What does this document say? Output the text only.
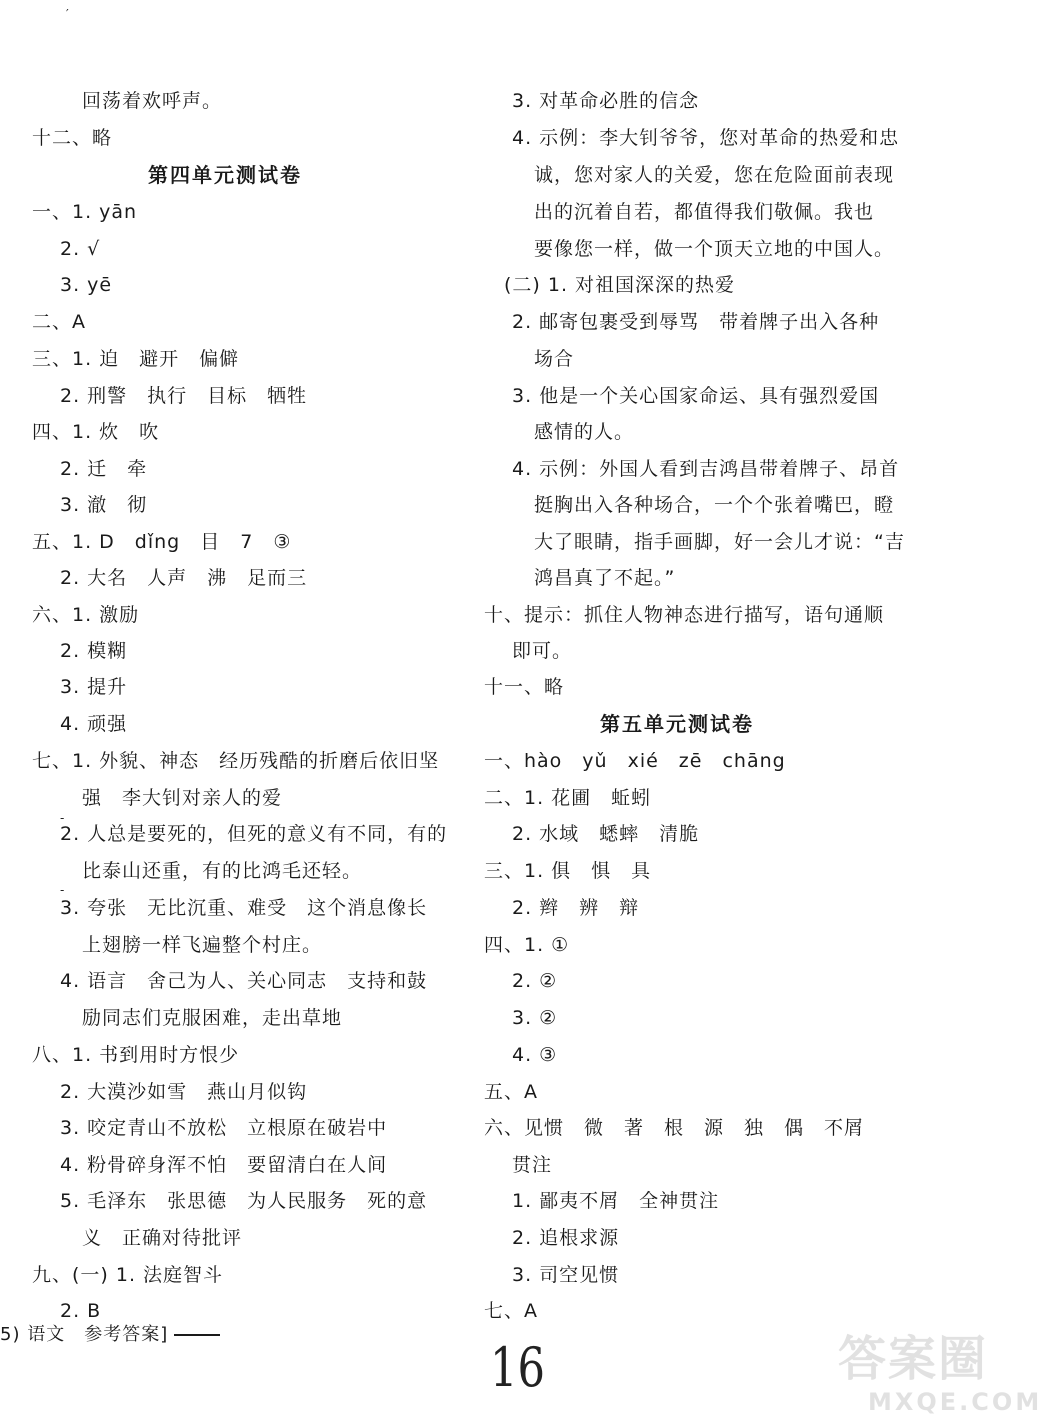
回荡着欢呼声。
十二、略
第四单元测试卷
一、1. yān
2. √
3. yē
二、A
三、1. 迫　避开　偏僻
2. 刑警　执行　目标　牺牲
四、1. 炊　吹
2. 迁　牵
3. 澈　彻
五、1. D　dǐng　目　7　③
2. 大名　人声　沸　足而三
六、1. 激励
2. 模糊
3. 提升
4. 顽强
七、1. 外貌、神态　经历残酷的折磨后依旧坚
强　李大钊对亲人的爱
2. 人总是要死的，但死的意义有不同，有的
比泰山还重，有的比鸿毛还轻。
3. 夸张　无比沉重、难受　这个消息像长
上翅膀一样飞遍整个村庄。
4. 语言　舍己为人、关心同志　支持和鼓
励同志们克服困难，走出草地
八、1. 书到用时方恨少
2. 大漠沙如雪　燕山月似钩
3. 咬定青山不放松　立根原在破岩中
4. 粉骨碎身浑不怕　要留清白在人间
5. 毛泽东　张思德　为人民服务　死的意
义　正确对待批评
九、(一) 1. 法庭智斗
2. B
3. 对革命必胜的信念
4. 示例：李大钊爷爷，您对革命的热爱和忠
诚，您对家人的关爱，您在危险面前表现
出的沉着自若，都值得我们敬佩。我也
要像您一样，做一个顶天立地的中国人。
(二) 1. 对祖国深深的热爱
2. 邮寄包裹受到辱骂　带着牌子出入各种
场合
3. 他是一个关心国家命运、具有强烈爱国
感情的人。
4. 示例：外国人看到吉鸿昌带着牌子、昂首
挺胸出入各种场合，一个个张着嘴巴，瞪
大了眼睛，指手画脚，好一会儿才说：“吉
鸿昌真了不起。”
十、提示：抓住人物神态进行描写，语句通顺
即可。
十一、略
第五单元测试卷
一、hào　yǔ　xié　zē　chāng
二、1. 花圃　蚯蚓
2. 水域　蟋蟀　清脆
三、1. 俱　惧　具
2. 辫　辨　辩
四、1. ①
2. ②
3. ②
4. ③
五、A
六、见惯　微　著　根　源　独　偶　不屑
贯注
1. 鄙夷不屑　全神贯注
2. 追根求源
3. 司空见惯
七、A
′
-
-
5) 语文　参考答案]
16	答案圈
MXQE.COM
